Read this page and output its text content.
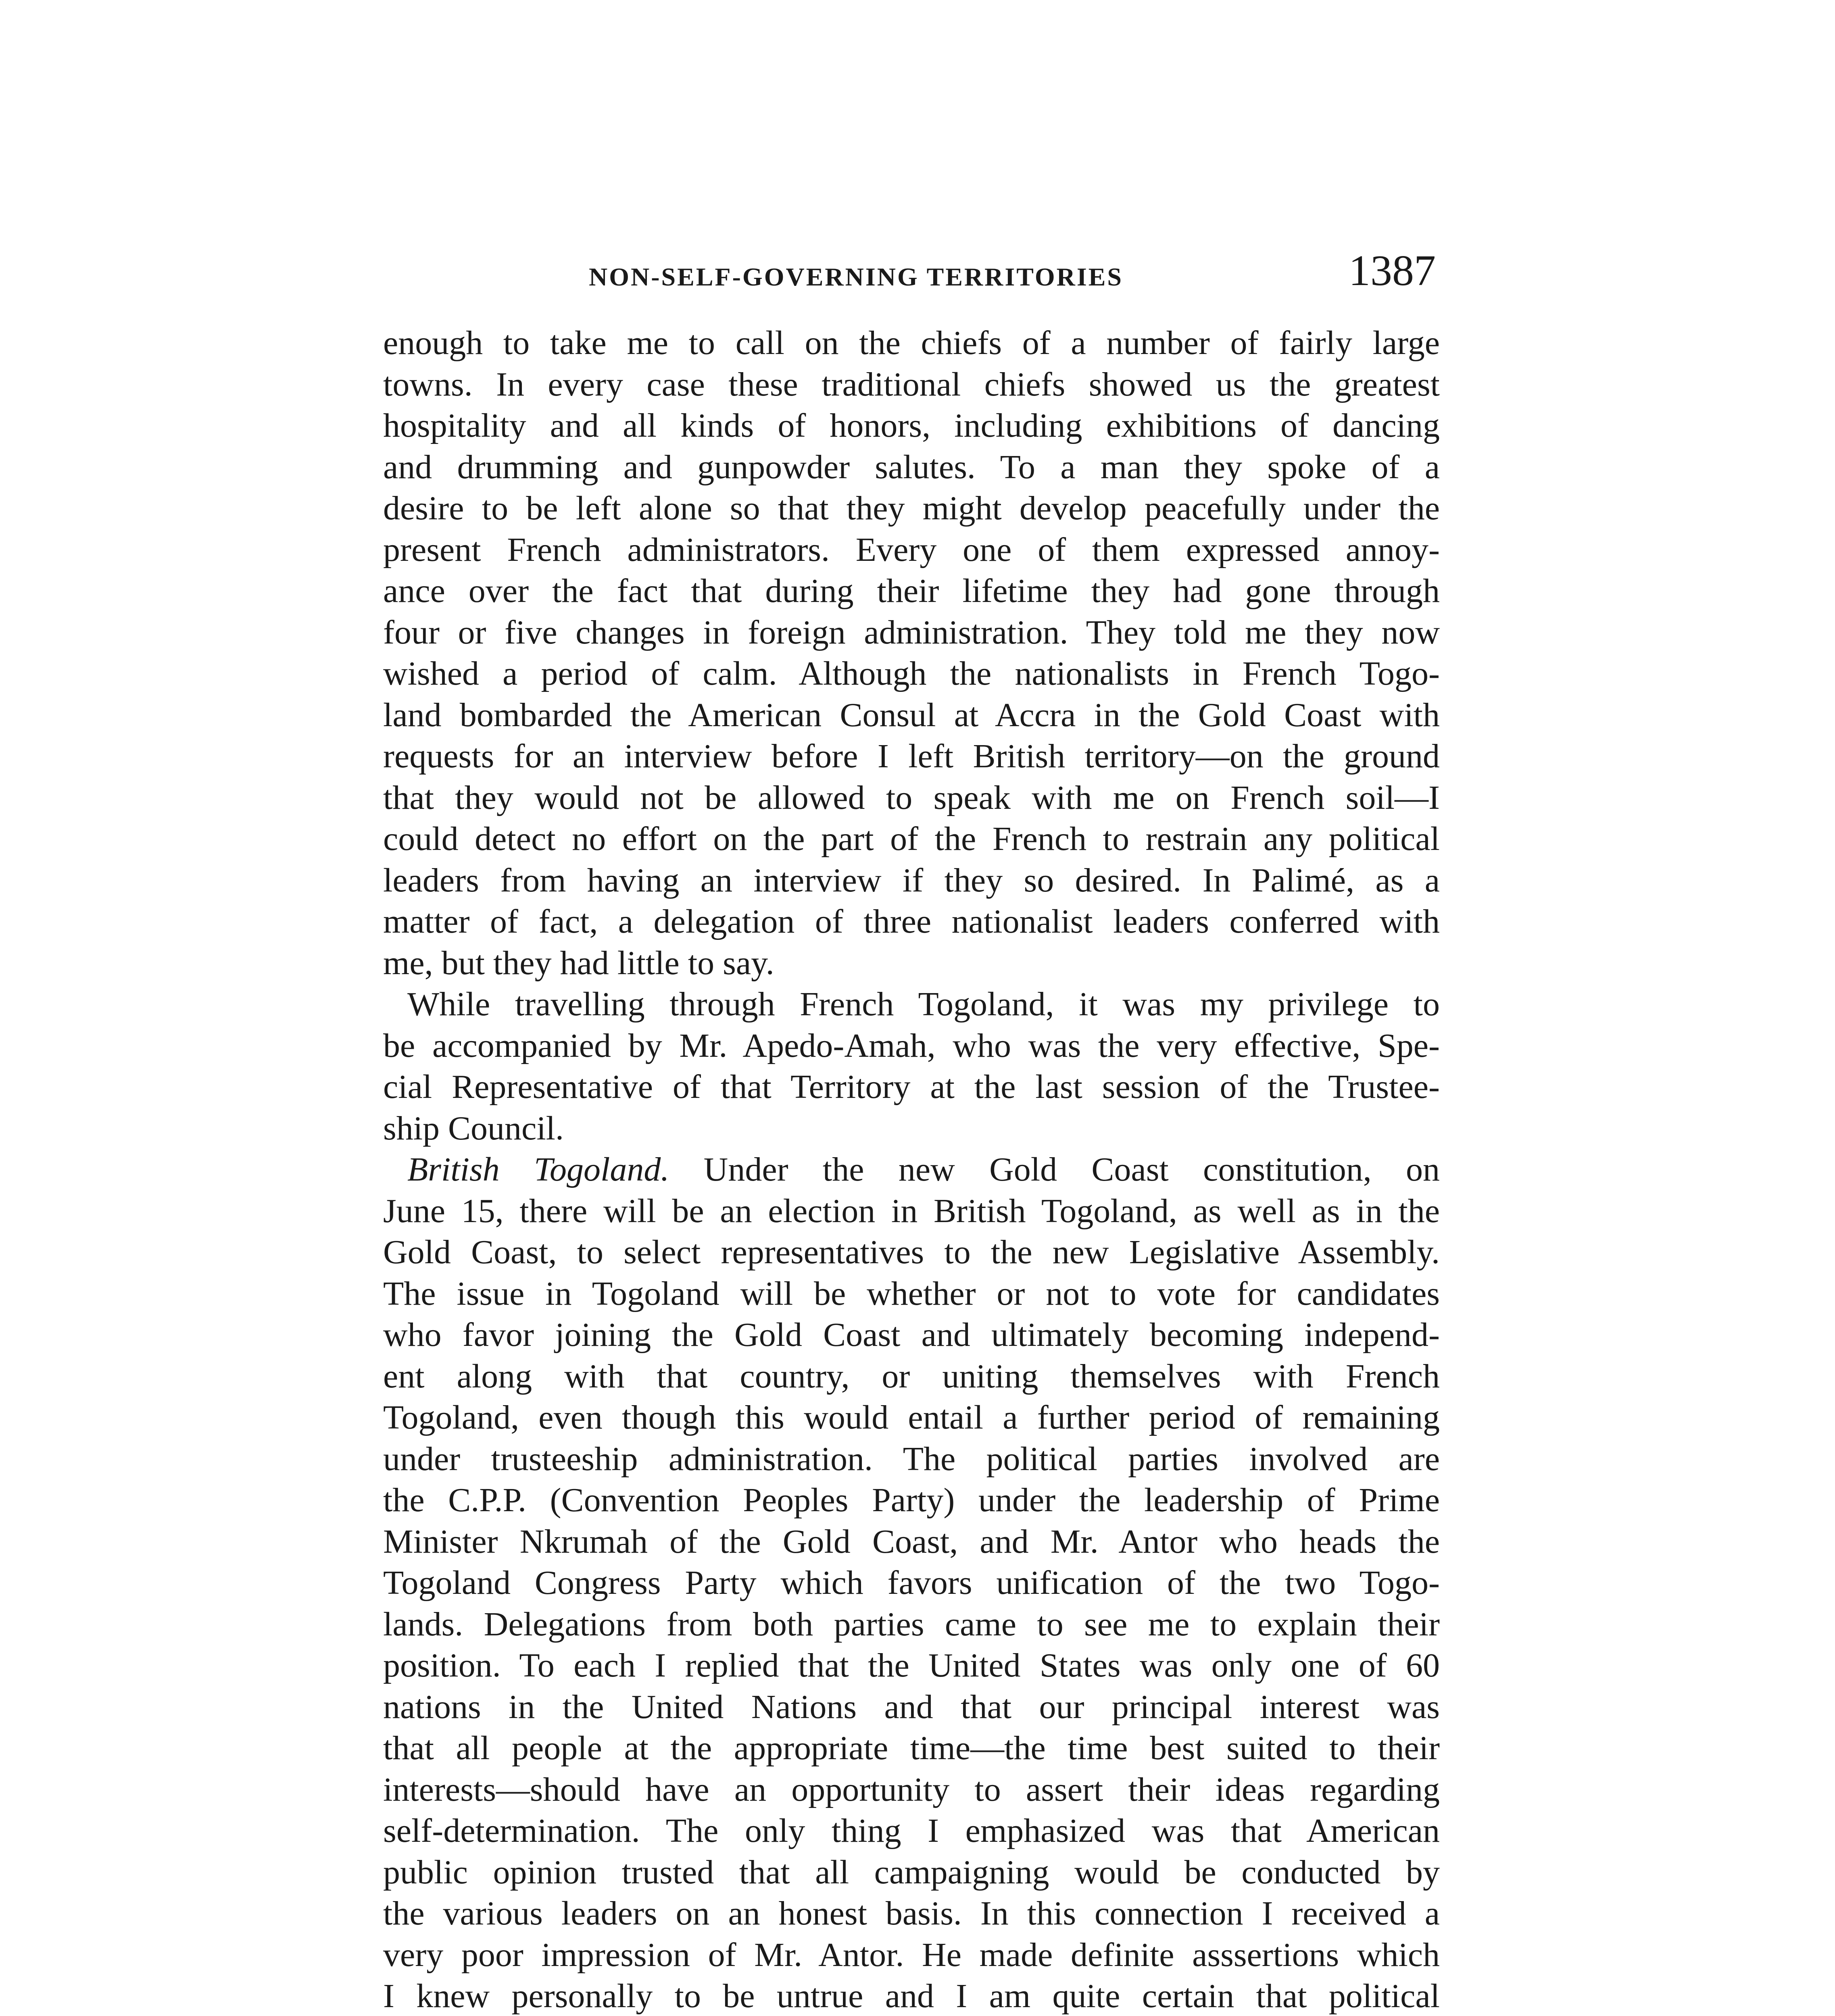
NON-SELF-GOVERNING TERRITORIES	1387
enough to take me to call on the chiefs of a number of fairly large
towns. In every case these traditional chiefs showed us the greatest
hospitality and all kinds of honors, including exhibitions of dancing
and drumming and gunpowder salutes. To a man they spoke of a
desire to be left alone so that they might develop peacefully under the
present French administrators. Every one of them expressed annoy-
ance over the fact that during their lifetime they had gone through
four or five changes in foreign administration. They told me they now
wished a period of calm. Although the nationalists in French Togo-
land bombarded the American Consul at Accra in the Gold Coast with
requests for an interview before I left British territory—on the ground
that they would not be allowed to speak with me on French soil—I
could detect no effort on the part of the French to restrain any political
leaders from having an interview if they so desired. In Palimé, as a
matter of fact, a delegation of three nationalist leaders conferred with
me, but they had little to say.
While travelling through French Togoland, it was my privilege to
be accompanied by Mr. Apedo-Amah, who was the very effective, Spe-
cial Representative of that Territory at the last session of the Trustee-
ship Council.
British Togoland. Under the new Gold Coast constitution, on
June 15, there will be an election in British Togoland, as well as in the
Gold Coast, to select representatives to the new Legislative Assembly.
The issue in Togoland will be whether or not to vote for candidates
who favor joining the Gold Coast and ultimately becoming independ-
ent along with that country, or uniting themselves with French
Togoland, even though this would entail a further period of remaining
under trusteeship administration. The political parties involved are
the C.P.P. (Convention Peoples Party) under the leadership of Prime
Minister Nkrumah of the Gold Coast, and Mr. Antor who heads the
Togoland Congress Party which favors unification of the two Togo-
lands. Delegations from both parties came to see me to explain their
position. To each I replied that the United States was only one of 60
nations in the United Nations and that our principal interest was
that all people at the appropriate time—the time best suited to their
interests—should have an opportunity to assert their ideas regarding
self-determination. The only thing I emphasized was that American
public opinion trusted that all campaigning would be conducted by
the various leaders on an honest basis. In this connection I received a
very poor impression of Mr. Antor. He made definite asssertions which
I knew personally to be untrue and I am quite certain that political
